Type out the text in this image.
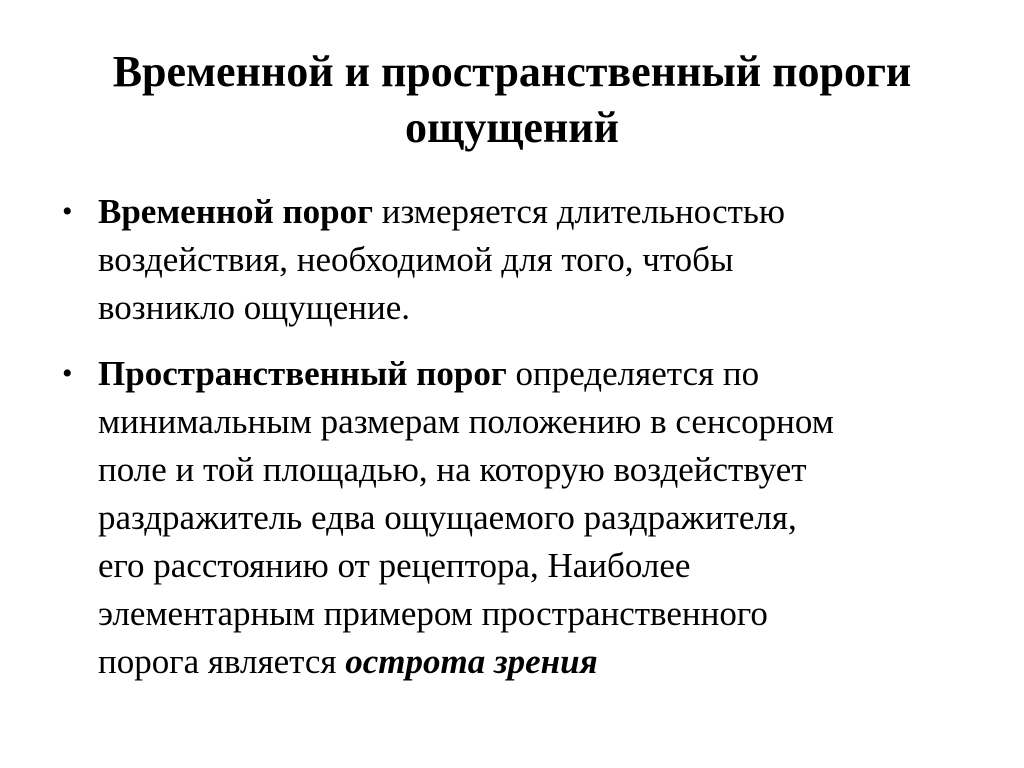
Временной и пространственный пороги
ощущений
• Временной порог измеряется длительностью
воздействия, необходимой для того, чтобы
возникло ощущение.
• Пространственный порог определяется по
минимальным размерам положению в сенсорном
поле и той площадью, на которую воздействует
раздражитель едва ощущаемого раздражителя,
его расстоянию от рецептора, Наиболее
элементарным примером пространственного
порога является острота зрения
